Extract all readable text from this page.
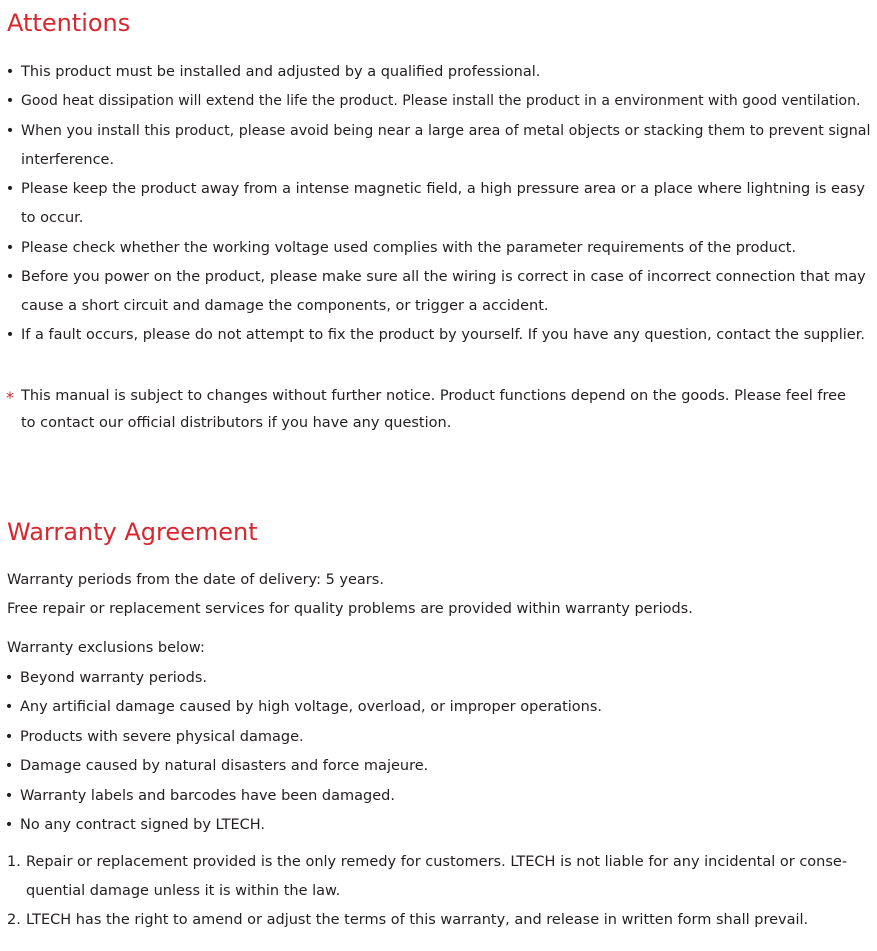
Attentions
• This product must be installed and adjusted by a qualified professional.
• Good heat dissipation will extend the life the product. Please install the product in a environment with good ventilation.
• When you install this product, please avoid being near a large area of metal objects or stacking them to prevent signal
interference.
• Please keep the product away from a intense magnetic field, a high pressure area or a place where lightning is easy
to occur.
• Please check whether the working voltage used complies with the parameter requirements of the product.
• Before you power on the product, please make sure all the wiring is correct in case of incorrect connection that may
cause a short circuit and damage the components, or trigger a accident.
• If a fault occurs, please do not attempt to fix the product by yourself. If you have any question, contact the supplier.
* This manual is subject to changes without further notice. Product functions depend on the goods. Please feel free
to contact our official distributors if you have any question.
Warranty Agreement
Warranty periods from the date of delivery: 5 years.
Free repair or replacement services for quality problems are provided within warranty periods.
Warranty exclusions below:
• Beyond warranty periods.
• Any artificial damage caused by high voltage, overload, or improper operations.
• Products with severe physical damage.
• Damage caused by natural disasters and force majeure.
• Warranty labels and barcodes have been damaged.
• No any contract signed by LTECH.
1. Repair or replacement provided is the only remedy for customers. LTECH is not liable for any incidental or conse-
quential damage unless it is within the law.
2. LTECH has the right to amend or adjust the terms of this warranty, and release in written form shall prevail.
